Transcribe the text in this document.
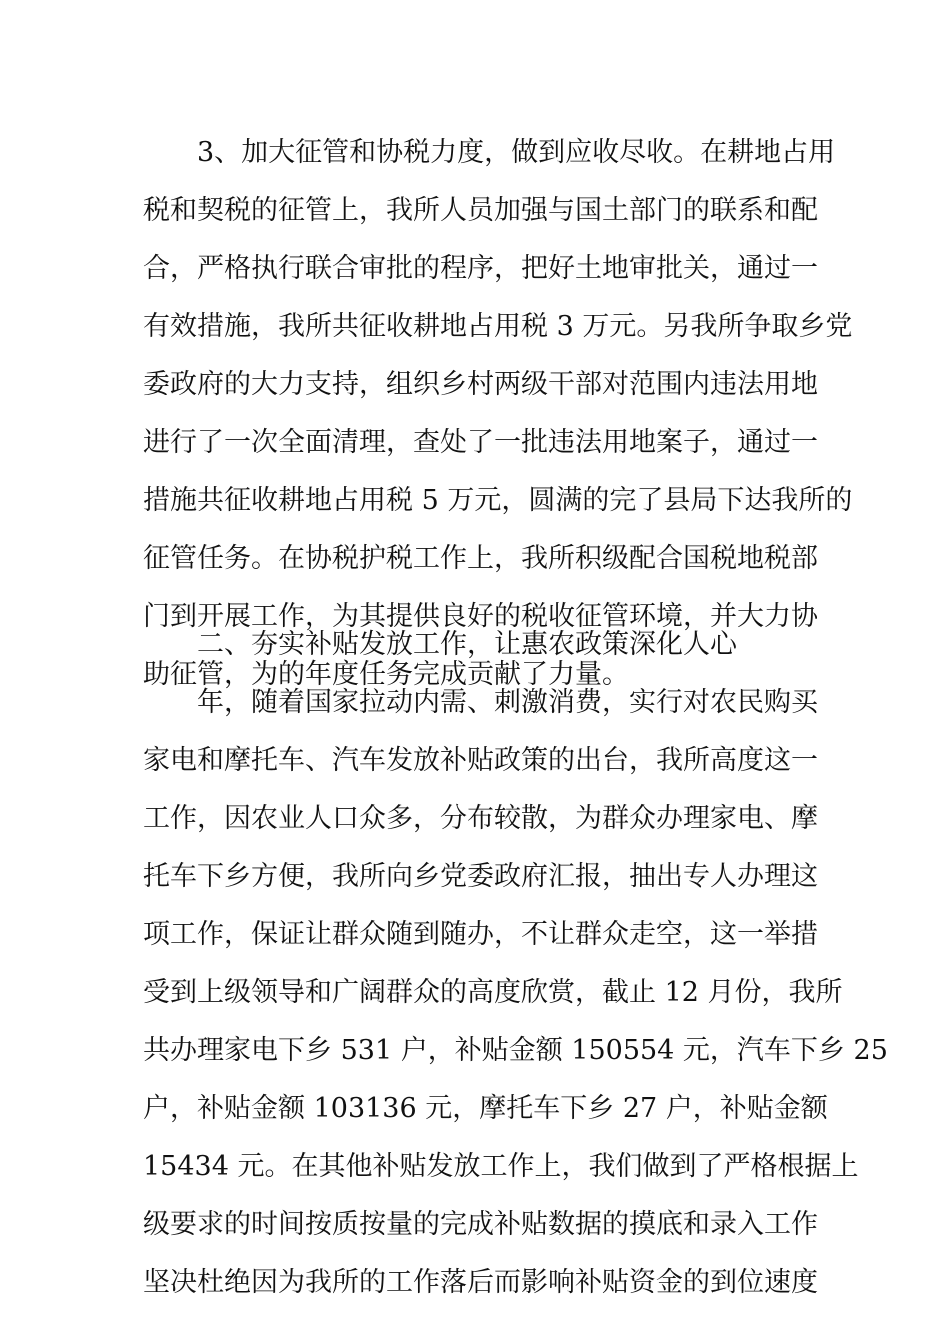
3、加大征管和协税力度，做到应收尽收。在耕地占用
税和契税的征管上，我所人员加强与国土部门的联系和配
合，严格执行联合审批的程序，把好土地审批关，通过一
有效措施，我所共征收耕地占用税 3 万元。另我所争取乡党
委政府的大力支持，组织乡村两级干部对范围内违法用地
进行了一次全面清理，查处了一批违法用地案子，通过一
措施共征收耕地占用税 5 万元，圆满的完了县局下达我所的
征管任务。在协税护税工作上，我所积级配合国税地税部
门到开展工作，为其提供良好的税收征管环境，并大力协
助征管，为的年度任务完成贡献了力量。
二、夯实补贴发放工作，让惠农政策深化人心
年，随着国家拉动内需、刺激消费，实行对农民购买
家电和摩托车、汽车发放补贴政策的出台，我所高度这一
工作，因农业人口众多，分布较散，为群众办理家电、摩
托车下乡方便，我所向乡党委政府汇报，抽出专人办理这
项工作，保证让群众随到随办，不让群众走空，这一举措
受到上级领导和广阔群众的高度欣赏，截止 12 月份，我所
共办理家电下乡 531 户，补贴金额 150554 元，汽车下乡 25
户，补贴金额 103136 元，摩托车下乡 27 户，补贴金额
15434 元。在其他补贴发放工作上，我们做到了严格根据上
级要求的时间按质按量的完成补贴数据的摸底和录入工作
坚决杜绝因为我所的工作落后而影响补贴资金的到位速度
